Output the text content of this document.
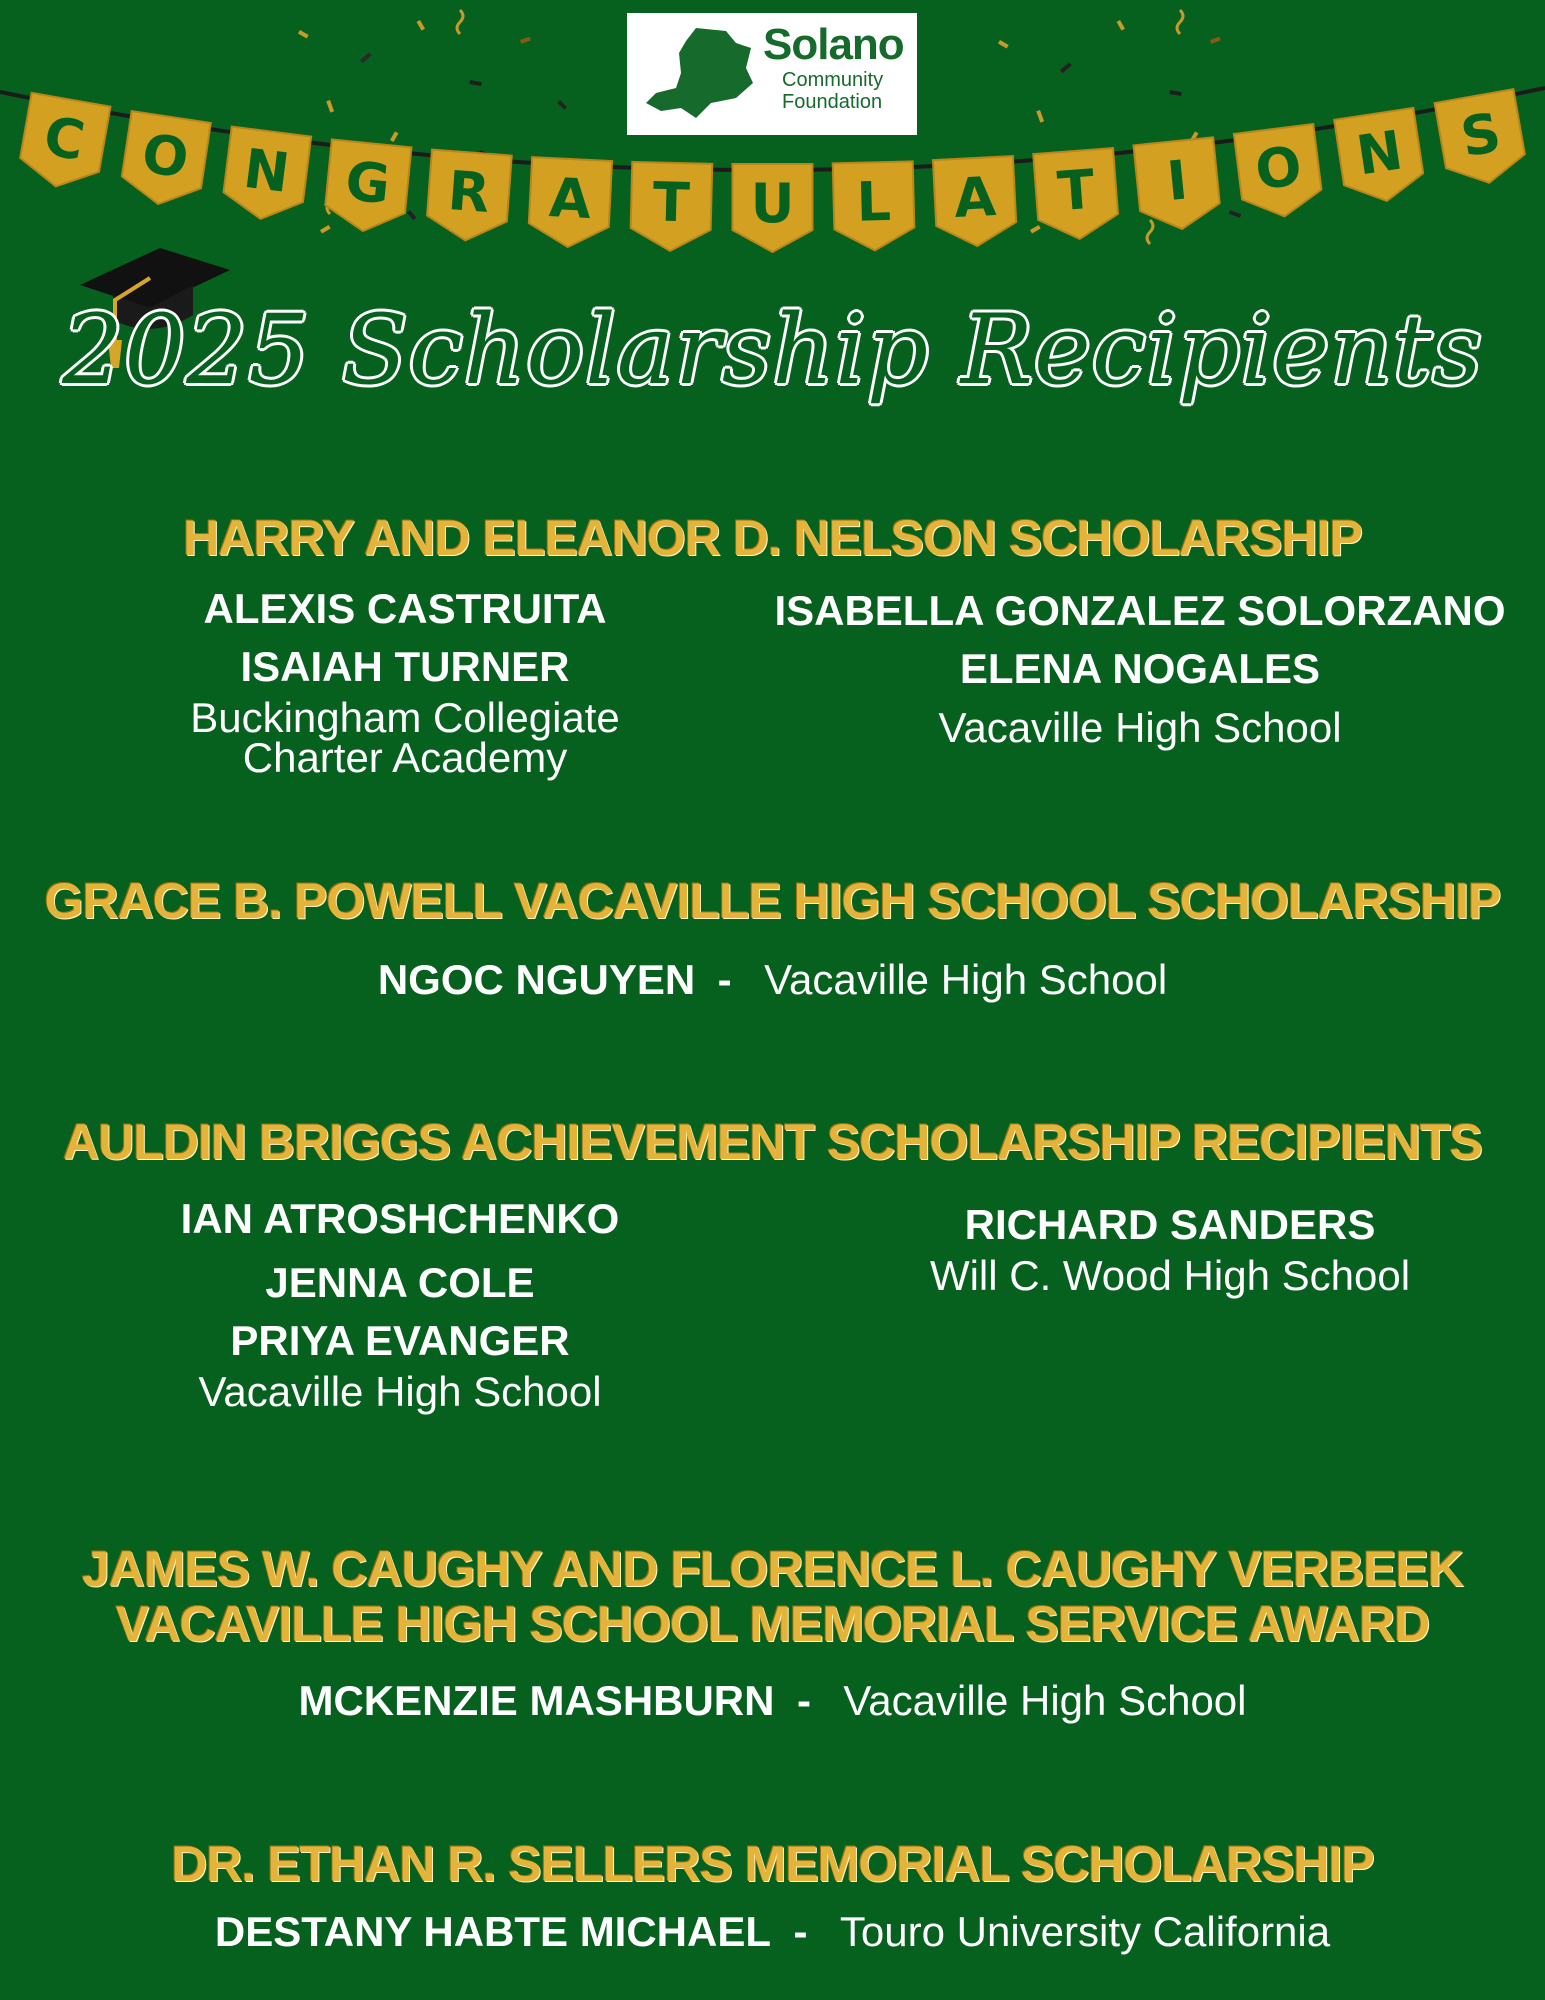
C O N G R A T U L A T I O N S
Solano
Community
Foundation
2025 Scholarship Recipients
HARRY AND ELEANOR D. NELSON SCHOLARSHIP
ALEXIS CASTRUITA
ISAIAH TURNER
Buckingham Collegiate
Charter Academy
ISABELLA GONZALEZ SOLORZANO
ELENA NOGALES
Vacaville High School
GRACE B. POWELL VACAVILLE HIGH SCHOOL SCHOLARSHIP
NGOC NGUYEN - Vacaville High School
AULDIN BRIGGS ACHIEVEMENT SCHOLARSHIP RECIPIENTS
IAN ATROSHCHENKO
JENNA COLE
PRIYA EVANGER
Vacaville High School
RICHARD SANDERS
Will C. Wood High School
JAMES W. CAUGHY AND FLORENCE L. CAUGHY VERBEEK
VACAVILLE HIGH SCHOOL MEMORIAL SERVICE AWARD
MCKENZIE MASHBURN - Vacaville High School
DR. ETHAN R. SELLERS MEMORIAL SCHOLARSHIP
DESTANY HABTE MICHAEL - Touro University California
